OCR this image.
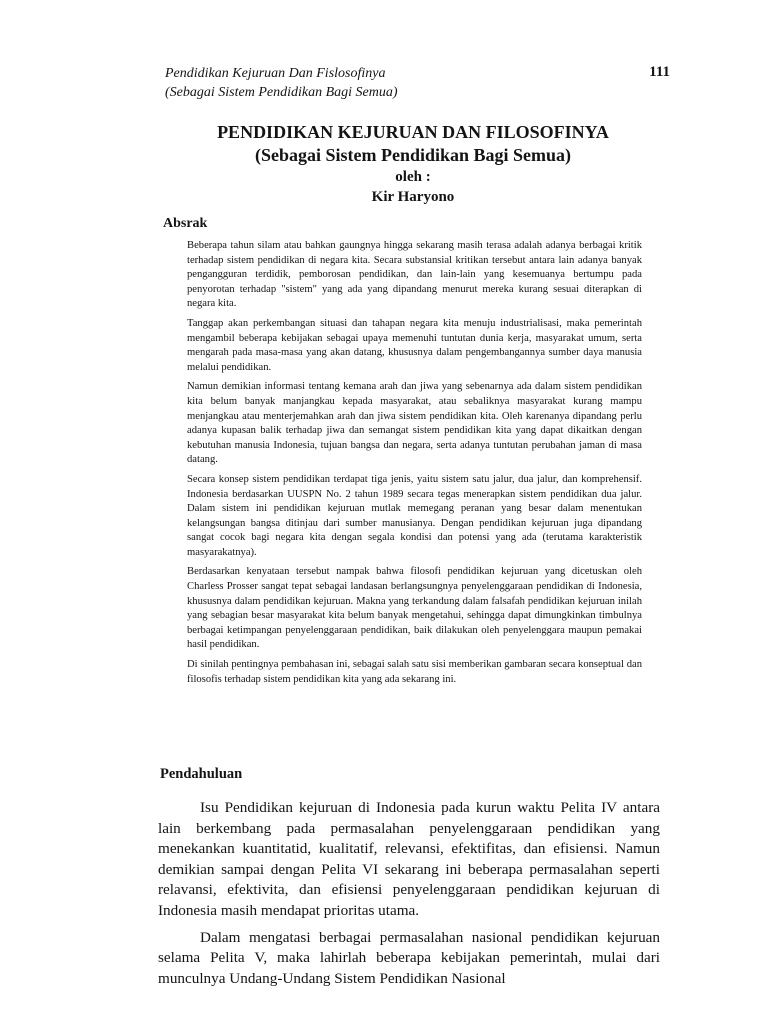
Pendidikan Kejuruan Dan Fislosofinya
(Sebagai Sistem Pendidikan Bagi Semua)
111
PENDIDIKAN KEJURUAN DAN FILOSOFINYA
(Sebagai Sistem Pendidikan Bagi Semua)
oleh :
Kir Haryono
Absrak

Beberapa tahun silam atau bahkan gaungnya hingga sekarang masih terasa adalah adanya berbagai kritik terhadap sistem pendidikan di negara kita. Secara substansial kritikan tersebut antara lain adanya banyak pengangguran terdidik, pemborosan pendidikan, dan lain-lain yang kesemuanya bertumpu pada penyorotan terhadap "sistem" yang ada yang dipandang menurut mereka kurang sesuai diterapkan di negara kita.

Tanggap akan perkembangan situasi dan tahapan negara kita menuju industrialisasi, maka pemerintah mengambil beberapa kebijakan sebagai upaya memenuhi tuntutan dunia kerja, masyarakat umum, serta mengarah pada masa-masa yang akan datang, khususnya dalam pengembangannya sumber daya manusia melalui pendidikan.

Namun demikian informasi tentang kemana arah dan jiwa yang sebenarnya ada dalam sistem pendidikan kita belum banyak manjangkau kepada masyarakat, atau sebaliknya masyarakat kurang mampu menjangkau atau menterjemahkan arah dan jiwa sistem pendidikan kita. Oleh karenanya dipandang perlu adanya kupasan balik terhadap jiwa dan semangat sistem pendidikan kita yang dapat dikaitkan dengan kebutuhan manusia Indonesia, tujuan bangsa dan negara, serta adanya tuntutan perubahan jaman di masa datang.

Secara konsep sistem pendidikan terdapat tiga jenis, yaitu sistem satu jalur, dua jalur, dan komprehensif. Indonesia berdasarkan UUSPN No. 2 tahun 1989 secara tegas menerapkan sistem pendidikan dua jalur. Dalam sistem ini pendidikan kejuruan mutlak memegang peranan yang besar dalam menentukan kelangsungan bangsa ditinjau dari sumber manusianya. Dengan pendidikan kejuruan juga dipandang sangat cocok bagi negara kita dengan segala kondisi dan potensi yang ada (terutama karakteristik masyarakatnya).

Berdasarkan kenyataan tersebut nampak bahwa filosofi pendidikan kejuruan yang dicetuskan oleh Charless Prosser sangat tepat sebagai landasan berlangsungnya penyelenggaraan pendidikan di Indonesia, khususnya dalam pendidikan kejuruan. Makna yang terkandung dalam falsafah pendidikan kejuruan inilah yang sebagian besar masyarakat kita belum banyak mengetahui, sehingga dapat dimungkinkan timbulnya berbagai ketimpangan penyelenggaraan pendidikan, baik dilakukan oleh penyelenggara maupun pemakai hasil pendidikan.

Di sinilah pentingnya pembahasan ini, sebagai salah satu sisi memberikan gambaran secara konseptual dan filosofis terhadap sistem pendidikan kita yang ada sekarang ini.

Pendahuluan

Isu Pendidikan kejuruan di Indonesia pada kurun waktu Pelita IV antara lain berkembang pada permasalahan penyelenggaraan pendidikan yang menekankan kuantitatid, kualitatif, relevansi, efektifitas, dan efisiensi. Namun demikian sampai dengan Pelita VI sekarang ini beberapa permasalahan seperti relavansi, efektivita, dan efisiensi penyelenggaraan pendidikan kejuruan di Indonesia masih mendapat prioritas utama.

Dalam mengatasi berbagai permasalahan nasional pendidikan kejuruan selama Pelita V, maka lahirlah beberapa kebijakan pemerintah, mulai dari munculnya Undang-Undang Sistem Pendidikan Nasional
